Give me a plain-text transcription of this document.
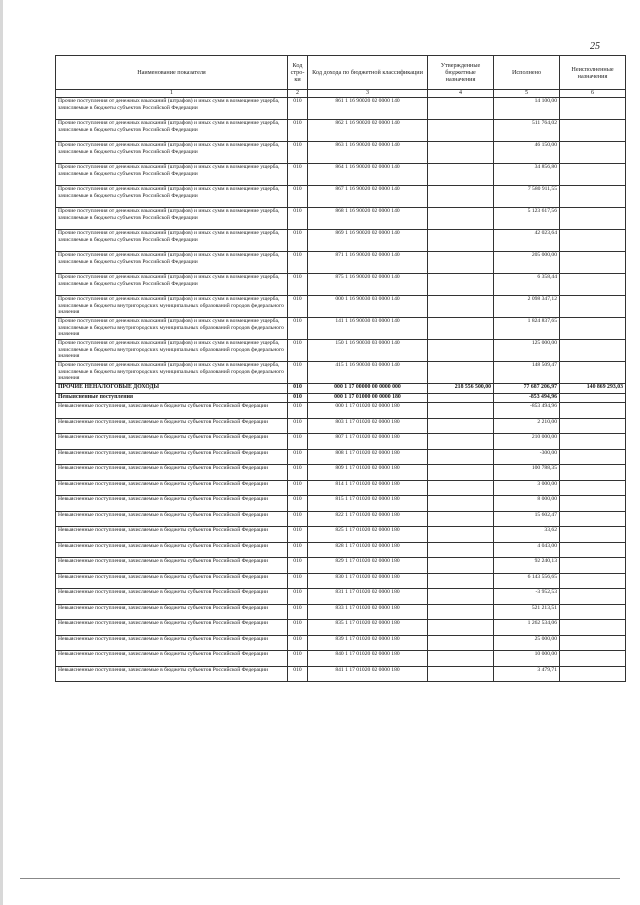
25
Наименование показателя	Код стро-ки	Код дохода по бюджетной классификации	Утвержденные бюджетные назначения	Исполнено	Неисполненные назначения
1	2	3	4	5	6
Прочие поступления от денежных взысканий (штрафов) и иных сумм в возмещение ущерба, зачисляемые в бюджеты субъектов Российской Федерации	010	861 1 16 90020 02 0000 140		14 100,00	
Прочие поступления от денежных взысканий (штрафов) и иных сумм в возмещение ущерба, зачисляемые в бюджеты субъектов Российской Федерации	010	862 1 16 90020 02 0000 140		511 764,02	
Прочие поступления от денежных взысканий (штрафов) и иных сумм в возмещение ущерба, зачисляемые в бюджеты субъектов Российской Федерации	010	863 1 16 90020 02 0000 140		46 150,00	
Прочие поступления от денежных взысканий (штрафов) и иных сумм в возмещение ущерба, зачисляемые в бюджеты субъектов Российской Федерации	010	864 1 16 90020 02 0000 140		34 856,80	
Прочие поступления от денежных взысканий (штрафов) и иных сумм в возмещение ущерба, зачисляемые в бюджеты субъектов Российской Федерации	010	867 1 16 90020 02 0000 140		7 580 911,55	
Прочие поступления от денежных взысканий (штрафов) и иных сумм в возмещение ущерба, зачисляемые в бюджеты субъектов Российской Федерации	010	868 1 16 90020 02 0000 140		5 123 617,56	
Прочие поступления от денежных взысканий (штрафов) и иных сумм в возмещение ущерба, зачисляемые в бюджеты субъектов Российской Федерации	010	869 1 16 90020 02 0000 140		42 023,64	
Прочие поступления от денежных взысканий (штрафов) и иных сумм в возмещение ущерба, зачисляемые в бюджеты субъектов Российской Федерации	010	871 1 16 90020 02 0000 140		205 000,00	
Прочие поступления от денежных взысканий (штрафов) и иных сумм в возмещение ущерба, зачисляемые в бюджеты субъектов Российской Федерации	010	875 1 16 90020 02 0000 140		6 358,44	
Прочие поступления от денежных взысканий (штрафов) и иных сумм в возмещение ущерба, зачисляемые в бюджеты внутригородских муниципальных образований городов федерального значения	010	000 1 16 90030 03 0000 140		2 098 347,12	
Прочие поступления от денежных взысканий (штрафов) и иных сумм в возмещение ущерба, зачисляемые в бюджеты внутригородских муниципальных образований городов федерального значения	010	141 1 16 90030 03 0000 140		1 824 837,65	
Прочие поступления от денежных взысканий (штрафов) и иных сумм в возмещение ущерба, зачисляемые в бюджеты внутригородских муниципальных образований городов федерального значения	010	150 1 16 90030 03 0000 140		125 000,00	
Прочие поступления от денежных взысканий (штрафов) и иных сумм в возмещение ущерба, зачисляемые в бюджеты внутригородских муниципальных образований городов федерального значения	010	415 1 16 90030 03 0000 140		148 509,47	
ПРОЧИЕ НЕНАЛОГОВЫЕ ДОХОДЫ	010	000 1 17 00000 00 0000 000	218 556 500,00	77 687 206,97	140 869 293,03
Невыясненные поступления	010	000 1 17 01000 00 0000 180		-853 494,96	
Невыясненные поступления, зачисляемые в бюджеты субъектов Российской Федерации	010	000 1 17 01020 02 0000 180		-853 494,96	
Невыясненные поступления, зачисляемые в бюджеты субъектов Российской Федерации	010	803 1 17 01020 02 0000 180		2 210,00	
Невыясненные поступления, зачисляемые в бюджеты субъектов Российской Федерации	010	807 1 17 01020 02 0000 180		210 000,00	
Невыясненные поступления, зачисляемые в бюджеты субъектов Российской Федерации	010	808 1 17 01020 02 0000 180		-300,00	
Невыясненные поступления, зачисляемые в бюджеты субъектов Российской Федерации	010	809 1 17 01020 02 0000 180		100 788,35	
Невыясненные поступления, зачисляемые в бюджеты субъектов Российской Федерации	010	814 1 17 01020 02 0000 180		3 000,00	
Невыясненные поступления, зачисляемые в бюджеты субъектов Российской Федерации	010	815 1 17 01020 02 0000 180		8 000,00	
Невыясненные поступления, зачисляемые в бюджеты субъектов Российской Федерации	010	822 1 17 01020 02 0000 180		15 602,47	
Невыясненные поступления, зачисляемые в бюджеты субъектов Российской Федерации	010	825 1 17 01020 02 0000 180		33,62	
Невыясненные поступления, зачисляемые в бюджеты субъектов Российской Федерации	010	828 1 17 01020 02 0000 180		4 043,00	
Невыясненные поступления, зачисляемые в бюджеты субъектов Российской Федерации	010	829 1 17 01020 02 0000 180		92 240,13	
Невыясненные поступления, зачисляемые в бюджеты субъектов Российской Федерации	010	830 1 17 01020 02 0000 180		6 143 556,65	
Невыясненные поступления, зачисляемые в бюджеты субъектов Российской Федерации	010	831 1 17 01020 02 0000 180		-3 952,53	
Невыясненные поступления, зачисляемые в бюджеты субъектов Российской Федерации	010	833 1 17 01020 02 0000 180		521 213,51	
Невыясненные поступления, зачисляемые в бюджеты субъектов Российской Федерации	010	835 1 17 01020 02 0000 180		1 262 534,06	
Невыясненные поступления, зачисляемые в бюджеты субъектов Российской Федерации	010	839 1 17 01020 02 0000 180		25 000,00	
Невыясненные поступления, зачисляемые в бюджеты субъектов Российской Федерации	010	840 1 17 01020 02 0000 180		10 000,00	
Невыясненные поступления, зачисляемые в бюджеты субъектов Российской Федерации	010	841 1 17 01020 02 0000 180		3 479,71	
